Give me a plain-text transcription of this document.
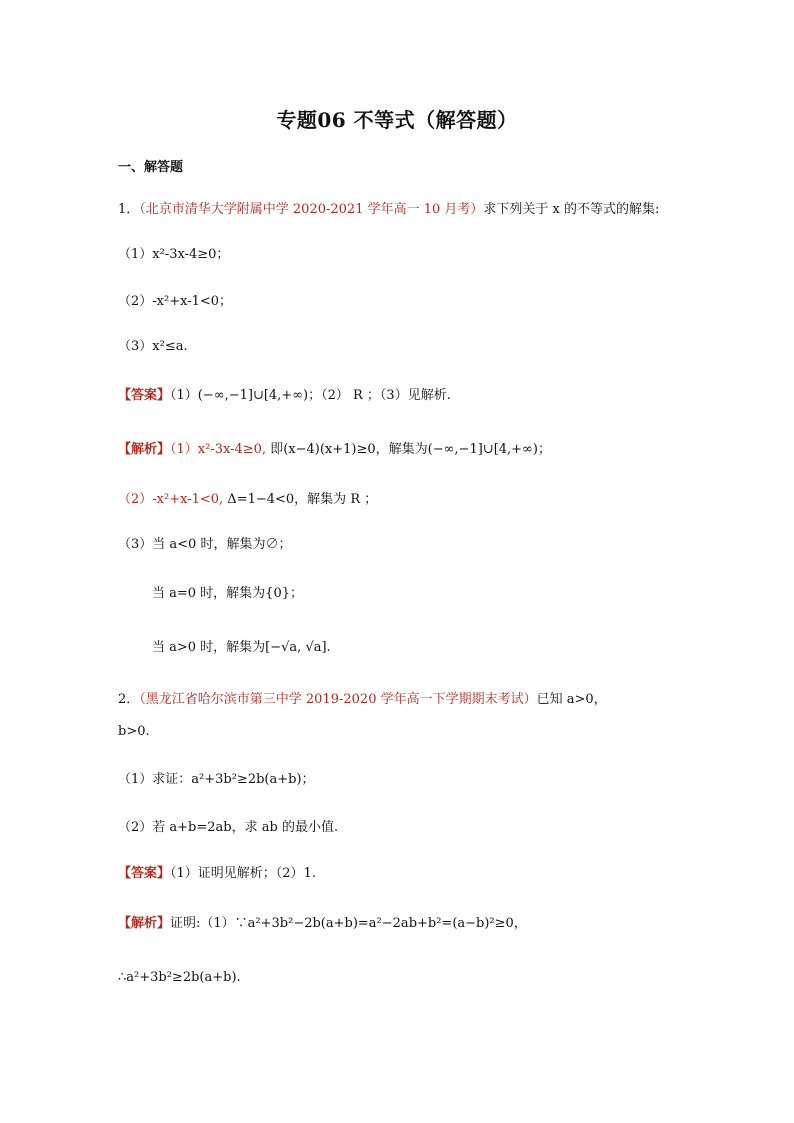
专题06 不等式（解答题）
一、解答题
1．（北京市清华大学附属中学 2020-2021 学年高一 10 月考）求下列关于 x 的不等式的解集:
（1）x²-3x-4≥0；
（2）-x²+x-1<0；
（3）x²≤a.
【答案】（1）(−∞,−1]∪[4,+∞)；（2） R ；（3）见解析.
【解析】（1）x²-3x-4≥0, 即(x−4)(x+1)≥0，解集为(−∞,−1]∪[4,+∞)；
（2）-x²+x-1<0, Δ=1−4<0，解集为 R ；
（3）当 a<0 时，解集为∅；
当 a=0 时，解集为{0}；
当 a>0 时，解集为[−√a, √a].
2．（黑龙江省哈尔滨市第三中学 2019-2020 学年高一下学期期末考试）已知 a>0，
b>0.
（1）求证：a²+3b²≥2b(a+b)；
（2）若 a+b=2ab，求 ab 的最小值.
【答案】（1）证明见解析；（2）1.
【解析】证明:（1）∵a²+3b²−2b(a+b)=a²−2ab+b²=(a−b)²≥0，
∴a²+3b²≥2b(a+b).
